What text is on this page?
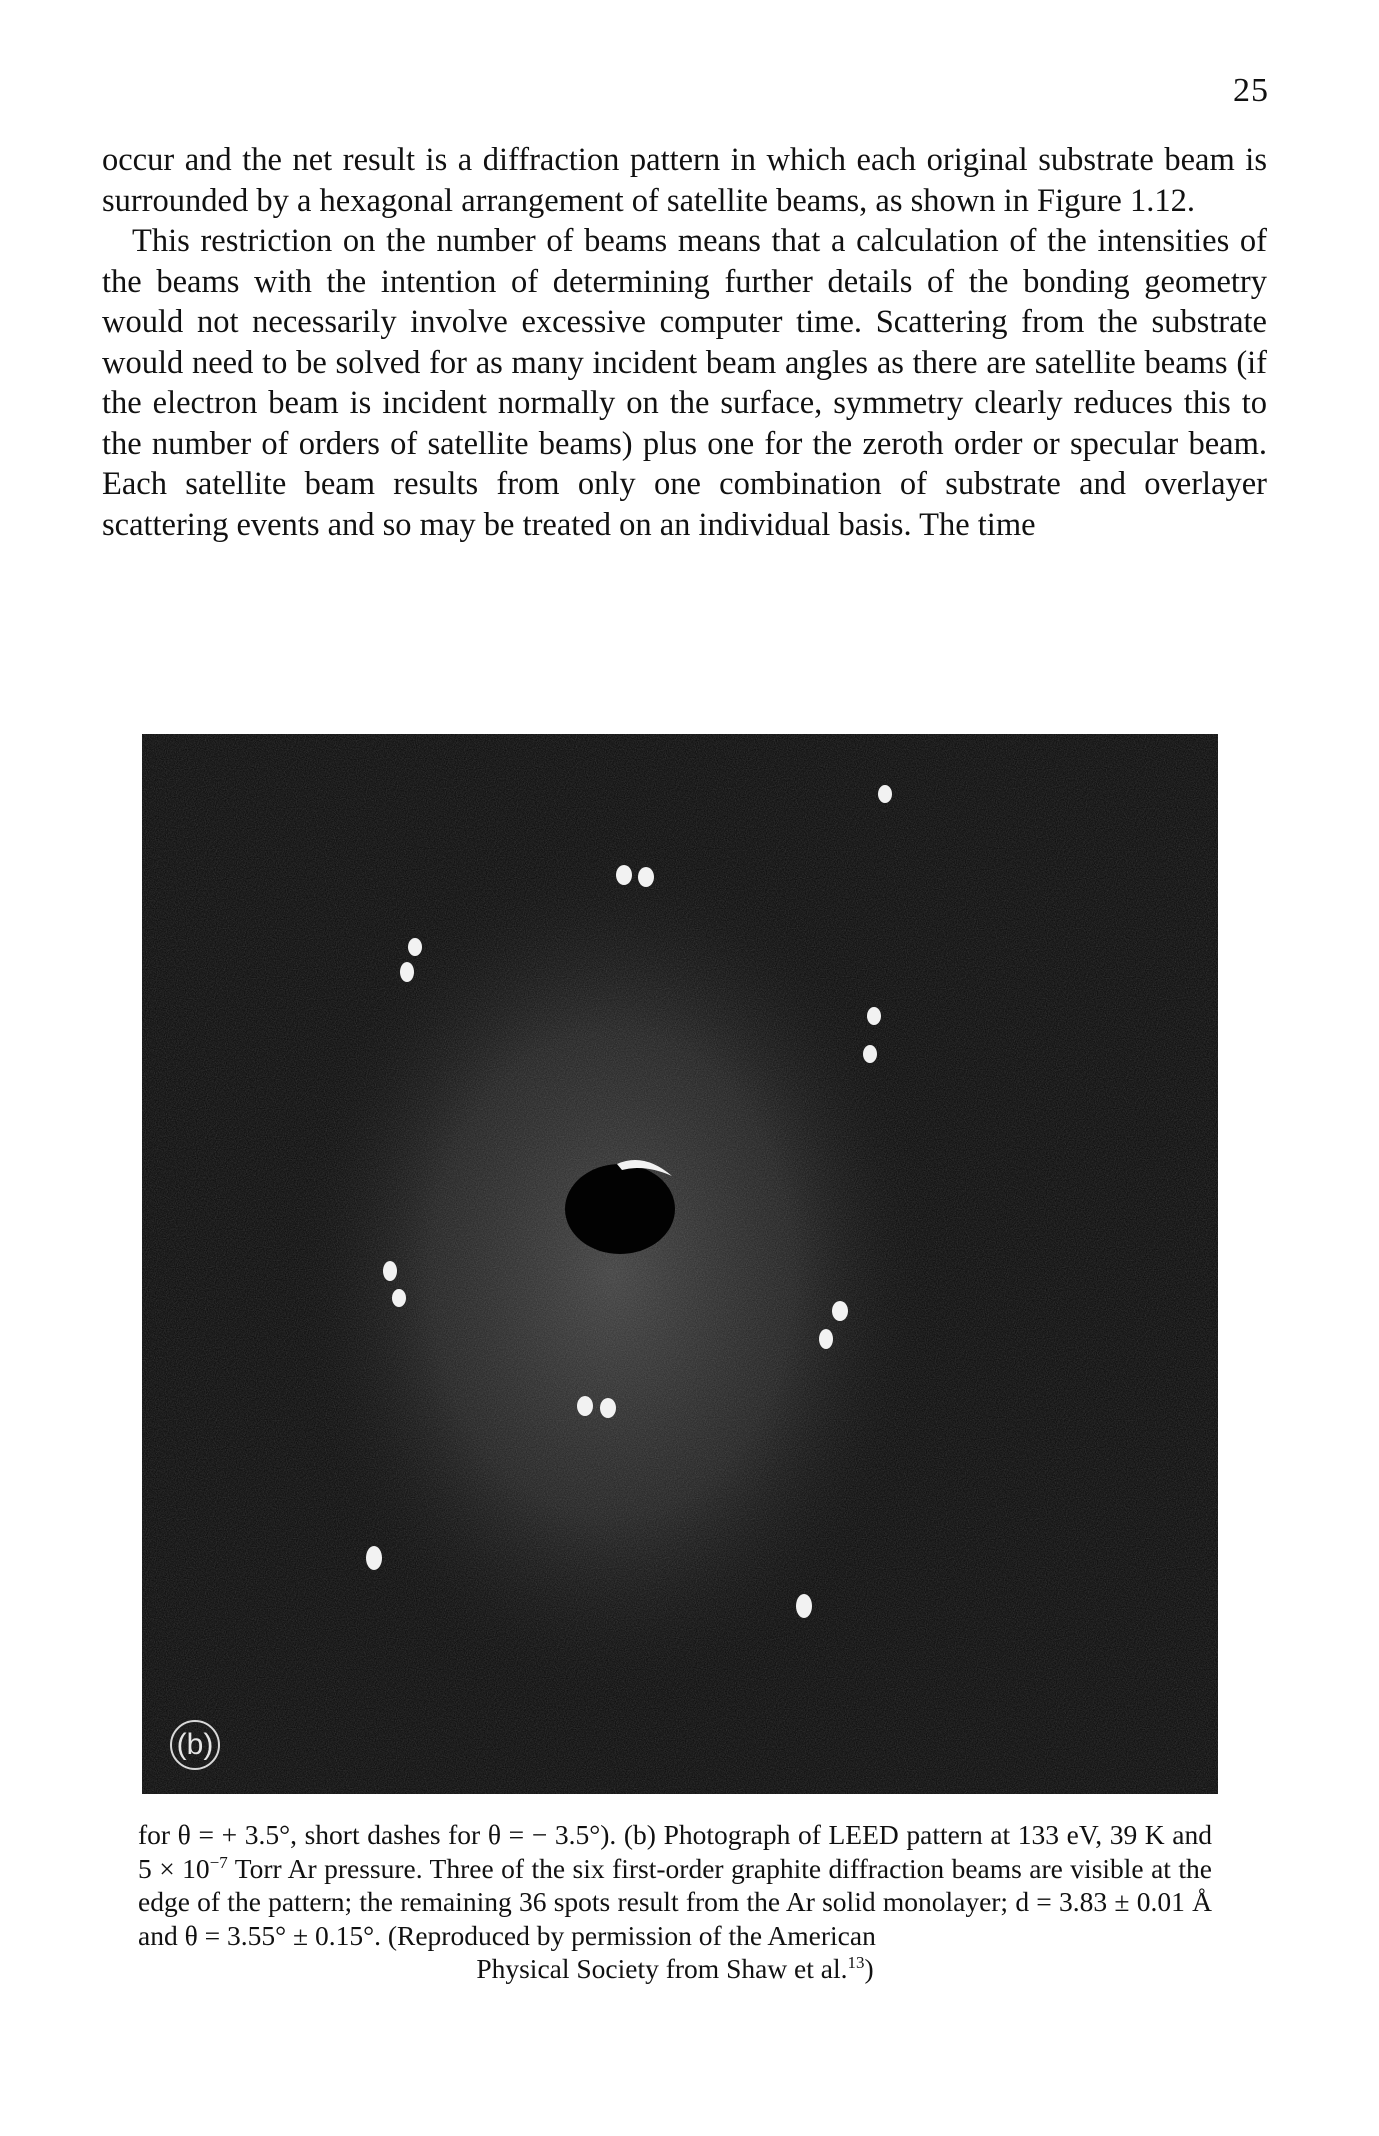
25

occur and the net result is a diffraction pattern in which each original substrate beam is surrounded by a hexagonal arrangement of satellite beams, as shown in Figure 1.12.

This restriction on the number of beams means that a calculation of the intensities of the beams with the intention of determining further details of the bonding geometry would not necessarily involve excessive computer time. Scattering from the substrate would need to be solved for as many incident beam angles as there are satellite beams (if the electron beam is incident normally on the surface, symmetry clearly reduces this to the number of orders of satellite beams) plus one for the zeroth order or specular beam. Each satellite beam results from only one combination of substrate and overlayer scattering events and so may be treated on an individual basis. The time

(b)
for θ = + 3.5°, short dashes for θ = − 3.5°). (b) Photograph of LEED pattern at 133 eV, 39 K and $5 \times 10^{-7}$ Torr Ar pressure. Three of the six first-order graphite diffraction beams are visible at the edge of the pattern; the remaining 36 spots result from the Ar solid monolayer; d = 3.83 ± 0.01 Å and θ = 3.55° ± 0.15°. (Reproduced by permission of the American
Physical Society from Shaw et al.$^{13}$)
